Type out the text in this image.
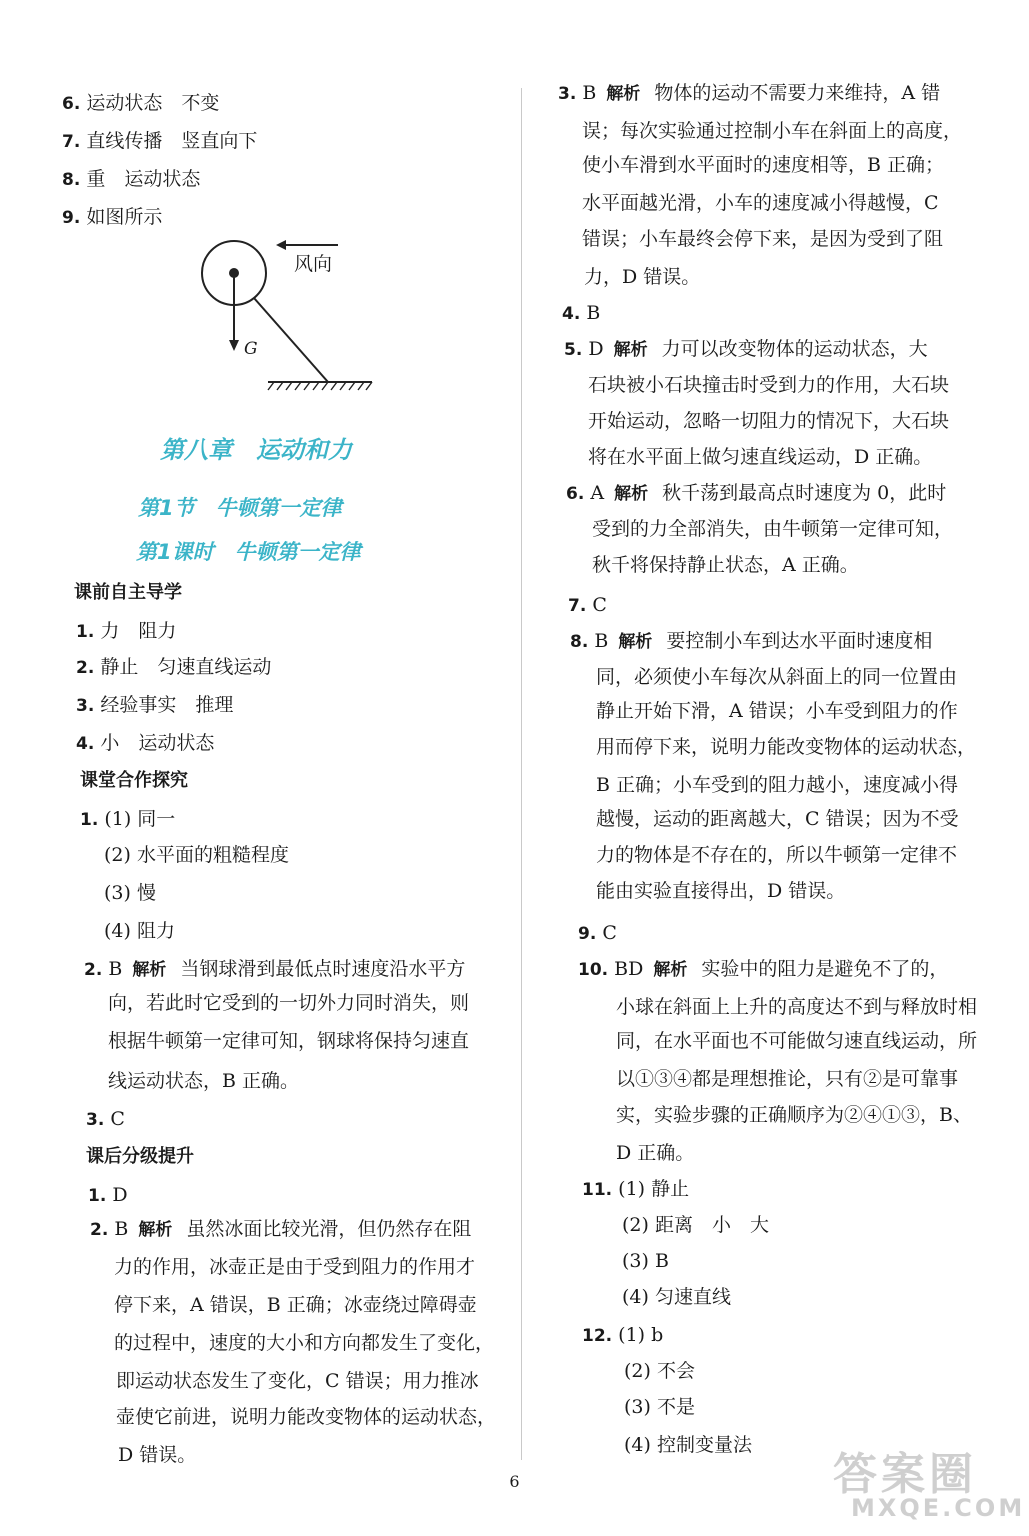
6. 运动状态　不变
7. 直线传播　竖直向下
8. 重　运动状态
9. 如图所示
风向
G
第八章　运动和力
第1节　牛顿第一定律
第1课时　牛顿第一定律
课前自主导学
1. 力　阻力
2. 静止　匀速直线运动
3. 经验事实　推理
4. 小　运动状态
课堂合作探究
1. (1) 同一
(2) 水平面的粗糙程度
(3) 慢
(4) 阻力
2. B 解析 当钢球滑到最低点时速度沿水平方
向，若此时它受到的一切外力同时消失，则
根据牛顿第一定律可知，钢球将保持匀速直
线运动状态，B 正确。
3. C
课后分级提升
1. D
2. B 解析 虽然冰面比较光滑，但仍然存在阻
力的作用，冰壶正是由于受到阻力的作用才
停下来，A 错误，B 正确；冰壶绕过障碍壶
的过程中，速度的大小和方向都发生了变化，
即运动状态发生了变化，C 错误；用力推冰
壶使它前进，说明力能改变物体的运动状态，
D 错误。
3. B 解析 物体的运动不需要力来维持，A 错
误；每次实验通过控制小车在斜面上的高度，
使小车滑到水平面时的速度相等，B 正确；
水平面越光滑，小车的速度减小得越慢，C
错误；小车最终会停下来，是因为受到了阻
力，D 错误。
4. B
5. D 解析 力可以改变物体的运动状态，大
石块被小石块撞击时受到力的作用，大石块
开始运动，忽略一切阻力的情况下，大石块
将在水平面上做匀速直线运动，D 正确。
6. A 解析 秋千荡到最高点时速度为 0，此时
受到的力全部消失，由牛顿第一定律可知，
秋千将保持静止状态，A 正确。
7. C
8. B 解析 要控制小车到达水平面时速度相
同，必须使小车每次从斜面上的同一位置由
静止开始下滑，A 错误；小车受到阻力的作
用而停下来，说明力能改变物体的运动状态，
B 正确；小车受到的阻力越小，速度减小得
越慢，运动的距离越大，C 错误；因为不受
力的物体是不存在的，所以牛顿第一定律不
能由实验直接得出，D 错误。
9. C
10. BD 解析 实验中的阻力是避免不了的，
小球在斜面上上升的高度达不到与释放时相
同，在水平面也不可能做匀速直线运动，所
以①③④都是理想推论，只有②是可靠事
实，实验步骤的正确顺序为②④①③，B、
D 正确。
11. (1) 静止
(2) 距离　小　大
(3) B
(4) 匀速直线
12. (1) b
(2) 不会
(3) 不是
(4) 控制变量法
6	答案圈
MXQE.COM
